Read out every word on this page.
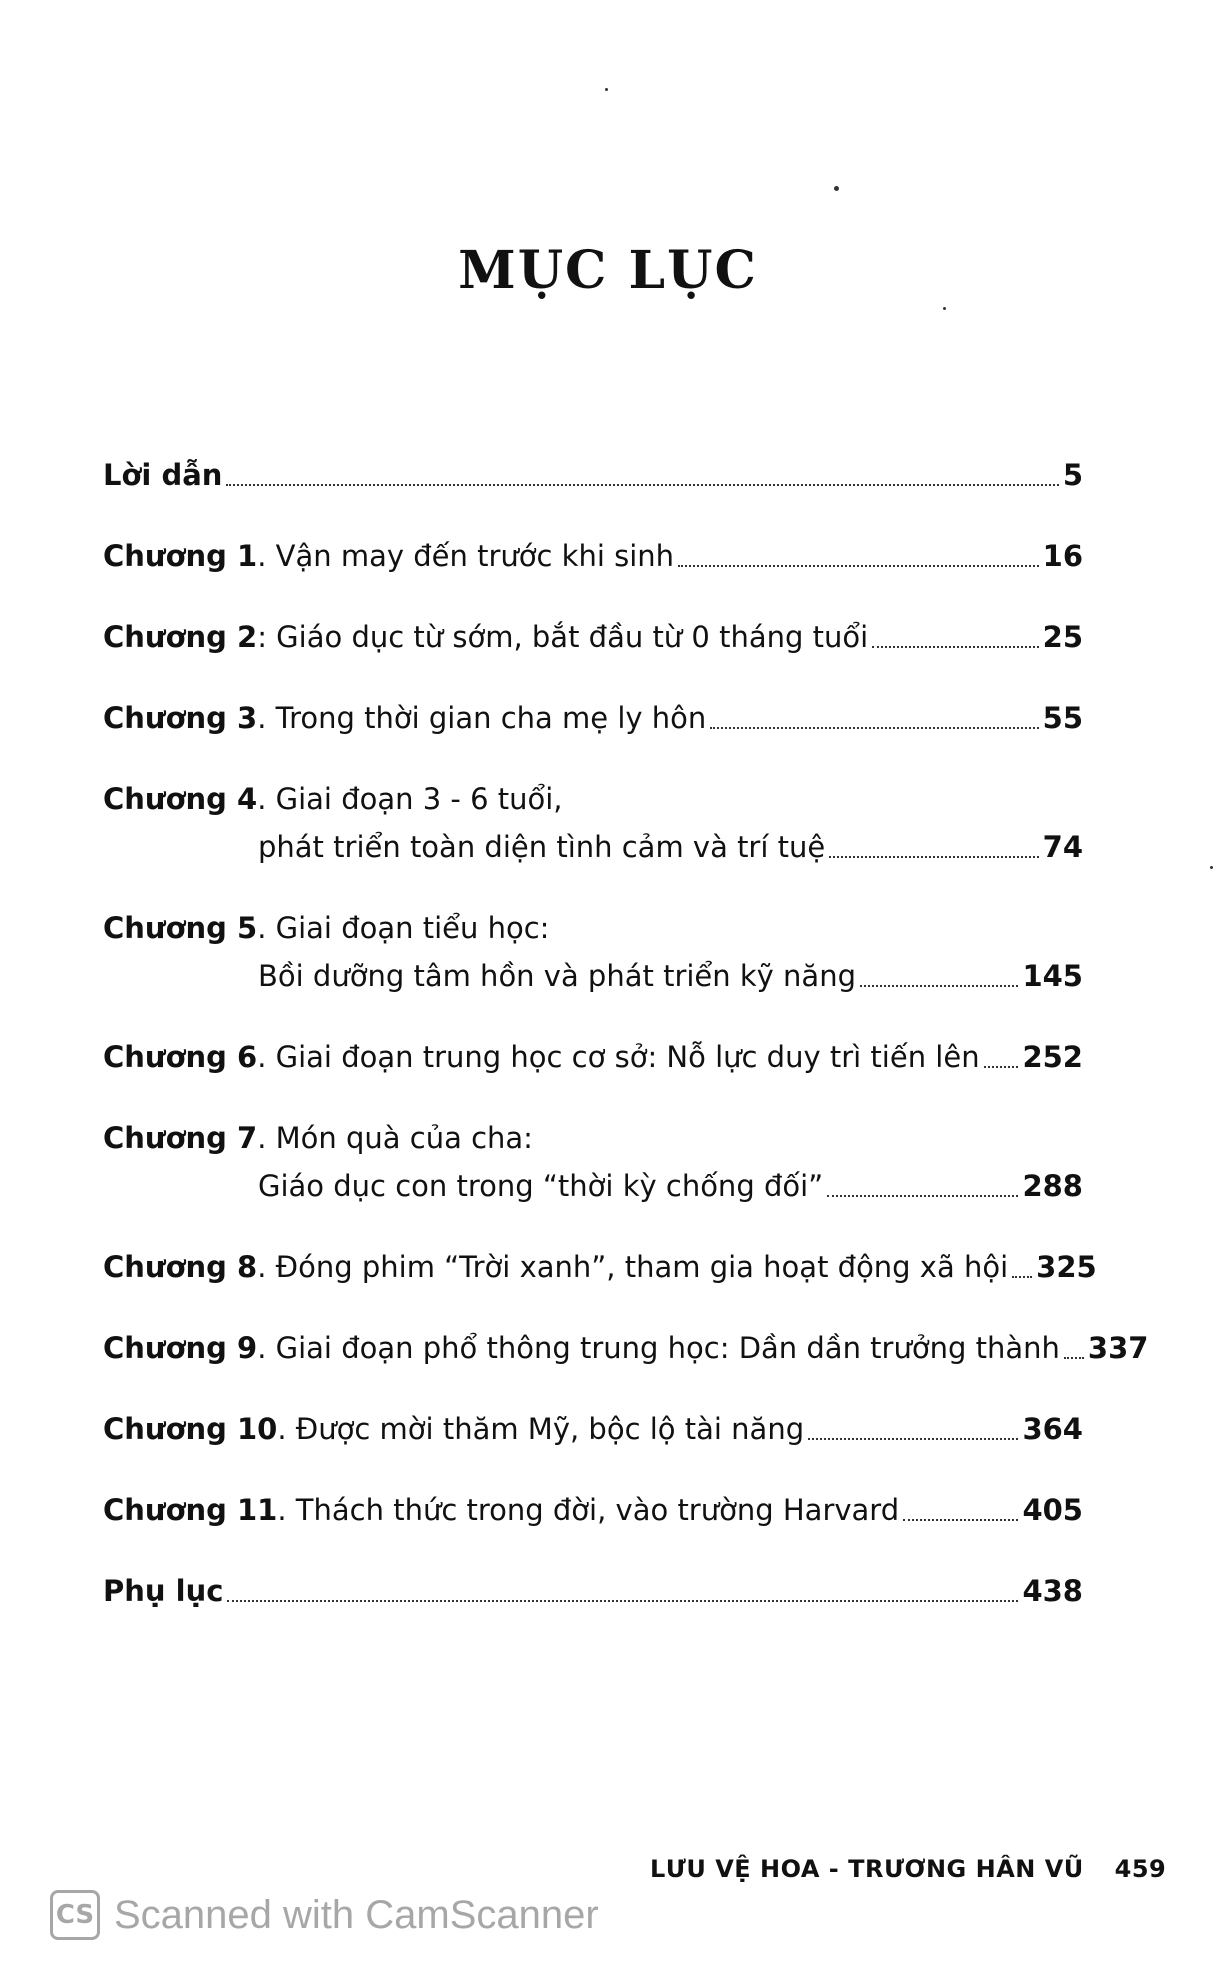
MỤC LỤC
Lời dẫn	5
Chương 1 . Vận may đến trước khi sinh	16
Chương 2 : Giáo dục từ sớm, bắt đầu từ 0 tháng tuổi	25
Chương 3 . Trong thời gian cha mẹ ly hôn	55
Chương 4 . Giai đoạn 3 - 6 tuổi,
phát triển toàn diện tình cảm và trí tuệ	74
Chương 5 . Giai đoạn tiểu học:
Bồi dưỡng tâm hồn và phát triển kỹ năng	145
Chương 6 . Giai đoạn trung học cơ sở: Nỗ lực duy trì tiến lên 252
Chương 7 . Món quà của cha:
Giáo dục con trong “thời kỳ chống đối”	288
Chương 8 . Đóng phim “Trời xanh”, tham gia hoạt động xã hội 325
Chương 9 . Giai đoạn phổ thông trung học: Dần dần trưởng thành 337
Chương 10 . Được mời thăm Mỹ, bộc lộ tài năng	364
Chương 11 . Thách thức trong đời, vào trường Harvard	405
Phụ lục	438
LƯU VỆ HOA - TRƯƠNG HÂN VŨ 459
CS Scanned with CamScanner
